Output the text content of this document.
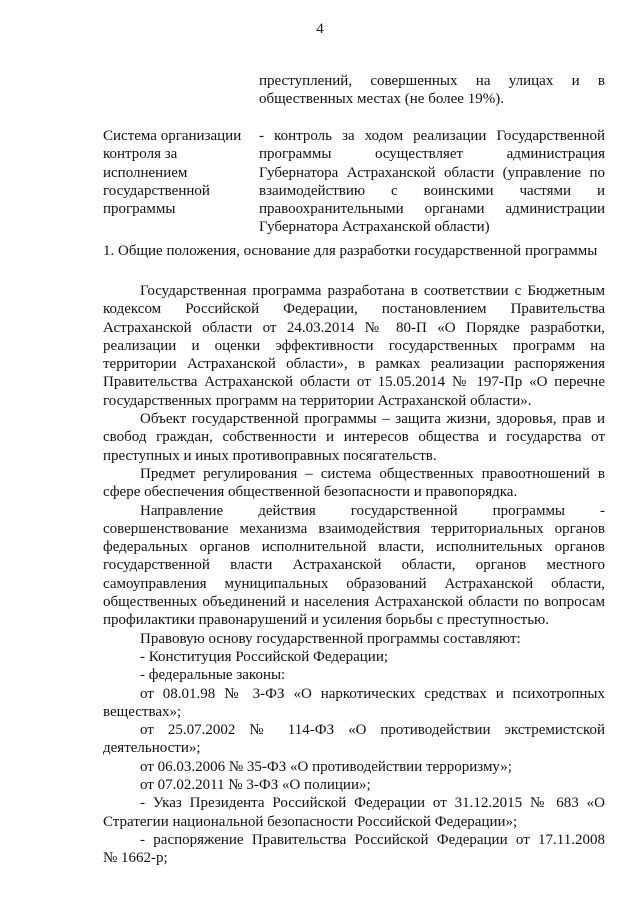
4
преступлений, совершенных на улицах и в
общественных местах (не более 19%).
Система организации
контроля за
исполнением
государственной
программы
- контроль за ходом реализации Государственной
программы осуществляет администрация
Губернатора Астраханской области (управление по
взаимодействию с воинскими частями и
правоохранительными органами администрации
Губернатора Астраханской области)
1. Общие положения, основание для разработки государственной программы
Государственная программа разработана в соответствии с Бюджетным
кодексом Российской Федерации, постановлением Правительства
Астраханской области от 24.03.2014 № 80-П «О Порядке разработки,
реализации и оценки эффективности государственных программ на
территории Астраханской области», в рамках реализации распоряжения
Правительства Астраханской области от 15.05.2014 № 197-Пр «О перечне
государственных программ на территории Астраханской области».
Объект государственной программы – защита жизни, здоровья, прав и
свобод граждан, собственности и интересов общества и государства от
преступных и иных противоправных посягательств.
Предмет регулирования – система общественных правоотношений в
сфере обеспечения общественной безопасности и правопорядка.
Направление действия государственной программы -
совершенствование механизма взаимодействия территориальных органов
федеральных органов исполнительной власти, исполнительных органов
государственной власти Астраханской области, органов местного
самоуправления муниципальных образований Астраханской области,
общественных объединений и населения Астраханской области по вопросам
профилактики правонарушений и усиления борьбы с преступностью.
Правовую основу государственной программы составляют:
- Конституция Российской Федерации;
- федеральные законы:
от 08.01.98 № 3-ФЗ «О наркотических средствах и психотропных
веществах»;
от 25.07.2002 № 114-ФЗ «О противодействии экстремистской
деятельности»;
от 06.03.2006 № 35-ФЗ «О противодействии терроризму»;
от 07.02.2011 № 3-ФЗ «О полиции»;
- Указ Президента Российской Федерации от 31.12.2015 № 683 «О
Стратегии национальной безопасности Российской Федерации»;
- распоряжение Правительства Российской Федерации от 17.11.2008
№ 1662-р;
